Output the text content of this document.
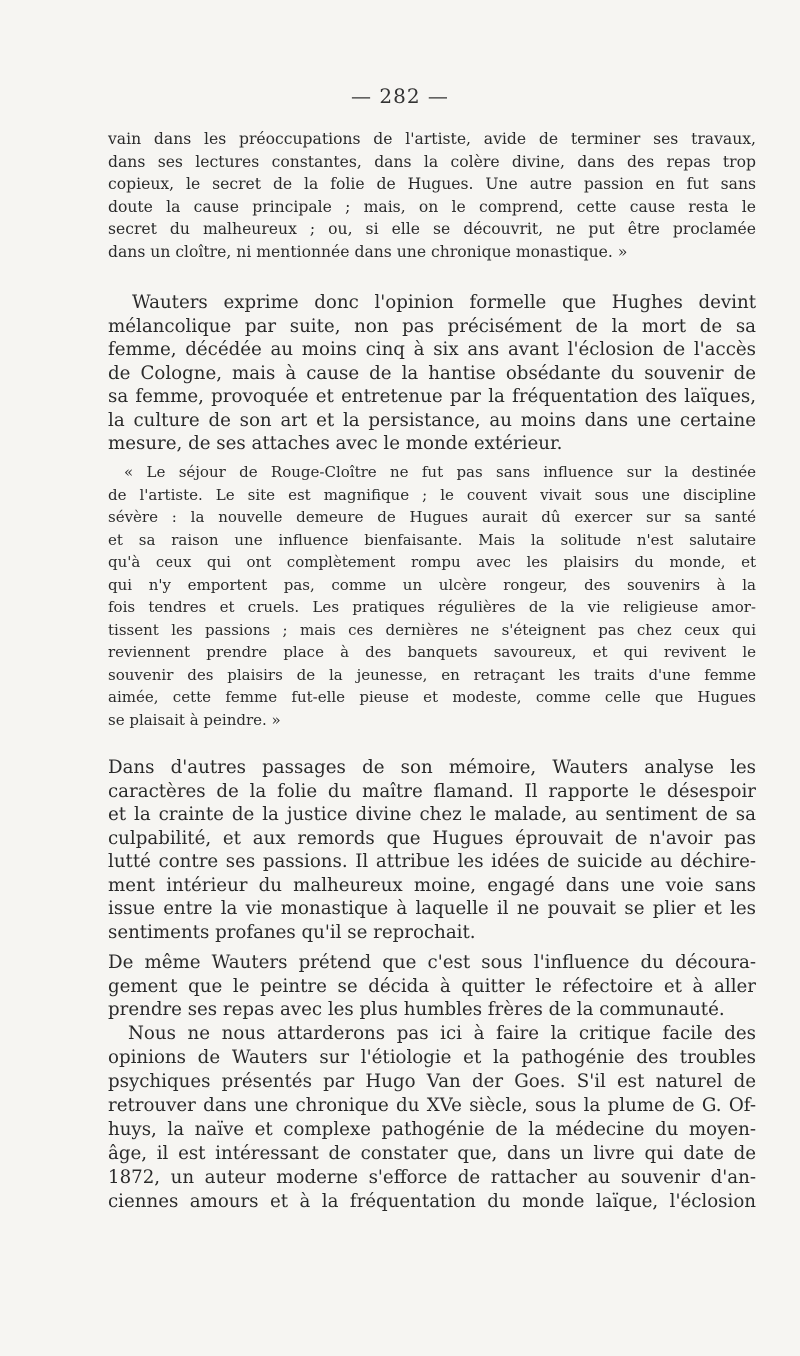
— 282 —
vain dans les préoccupations de l'artiste, avide de terminer ses travaux,
dans ses lectures constantes, dans la colère divine, dans des repas trop
copieux, le secret de la folie de Hugues. Une autre passion en fut sans
doute la cause principale ; mais, on le comprend, cette cause resta le
secret du malheureux ; ou, si elle se découvrit, ne put être proclamée
dans un cloître, ni mentionnée dans une chronique monastique. »
Wauters exprime donc l'opinion formelle que Hughes devint
mélancolique par suite, non pas précisément de la mort de sa
femme, décédée au moins cinq à six ans avant l'éclosion de l'accès
de Cologne, mais à cause de la hantise obsédante du souvenir de
sa femme, provoquée et entretenue par la fréquentation des laïques,
la culture de son art et la persistance, au moins dans une certaine
mesure, de ses attaches avec le monde extérieur.
« Le séjour de Rouge-Cloître ne fut pas sans influence sur la destinée
de l'artiste. Le site est magnifique ; le couvent vivait sous une discipline
sévère : la nouvelle demeure de Hugues aurait dû exercer sur sa santé
et sa raison une influence bienfaisante. Mais la solitude n'est salutaire
qu'à ceux qui ont complètement rompu avec les plaisirs du monde, et
qui n'y emportent pas, comme un ulcère rongeur, des souvenirs à la
fois tendres et cruels. Les pratiques régulières de la vie religieuse amor-
tissent les passions ; mais ces dernières ne s'éteignent pas chez ceux qui
reviennent prendre place à des banquets savoureux, et qui revivent le
souvenir des plaisirs de la jeunesse, en retraçant les traits d'une femme
aimée, cette femme fut-elle pieuse et modeste, comme celle que Hugues
se plaisait à peindre. »
Dans d'autres passages de son mémoire, Wauters analyse les
caractères de la folie du maître flamand. Il rapporte le désespoir
et la crainte de la justice divine chez le malade, au sentiment de sa
culpabilité, et aux remords que Hugues éprouvait de n'avoir pas
lutté contre ses passions. Il attribue les idées de suicide au déchire-
ment intérieur du malheureux moine, engagé dans une voie sans
issue entre la vie monastique à laquelle il ne pouvait se plier et les
sentiments profanes qu'il se reprochait.
De même Wauters prétend que c'est sous l'influence du découra-
gement que le peintre se décida à quitter le réfectoire et à aller
prendre ses repas avec les plus humbles frères de la communauté.
Nous ne nous attarderons pas ici à faire la critique facile des
opinions de Wauters sur l'étiologie et la pathogénie des troubles
psychiques présentés par Hugo Van der Goes. S'il est naturel de
retrouver dans une chronique du XVe siècle, sous la plume de G. Of-
huys, la naïve et complexe pathogénie de la médecine du moyen-
âge, il est intéressant de constater que, dans un livre qui date de
1872, un auteur moderne s'efforce de rattacher au souvenir d'an-
ciennes amours et à la fréquentation du monde laïque, l'éclosion
